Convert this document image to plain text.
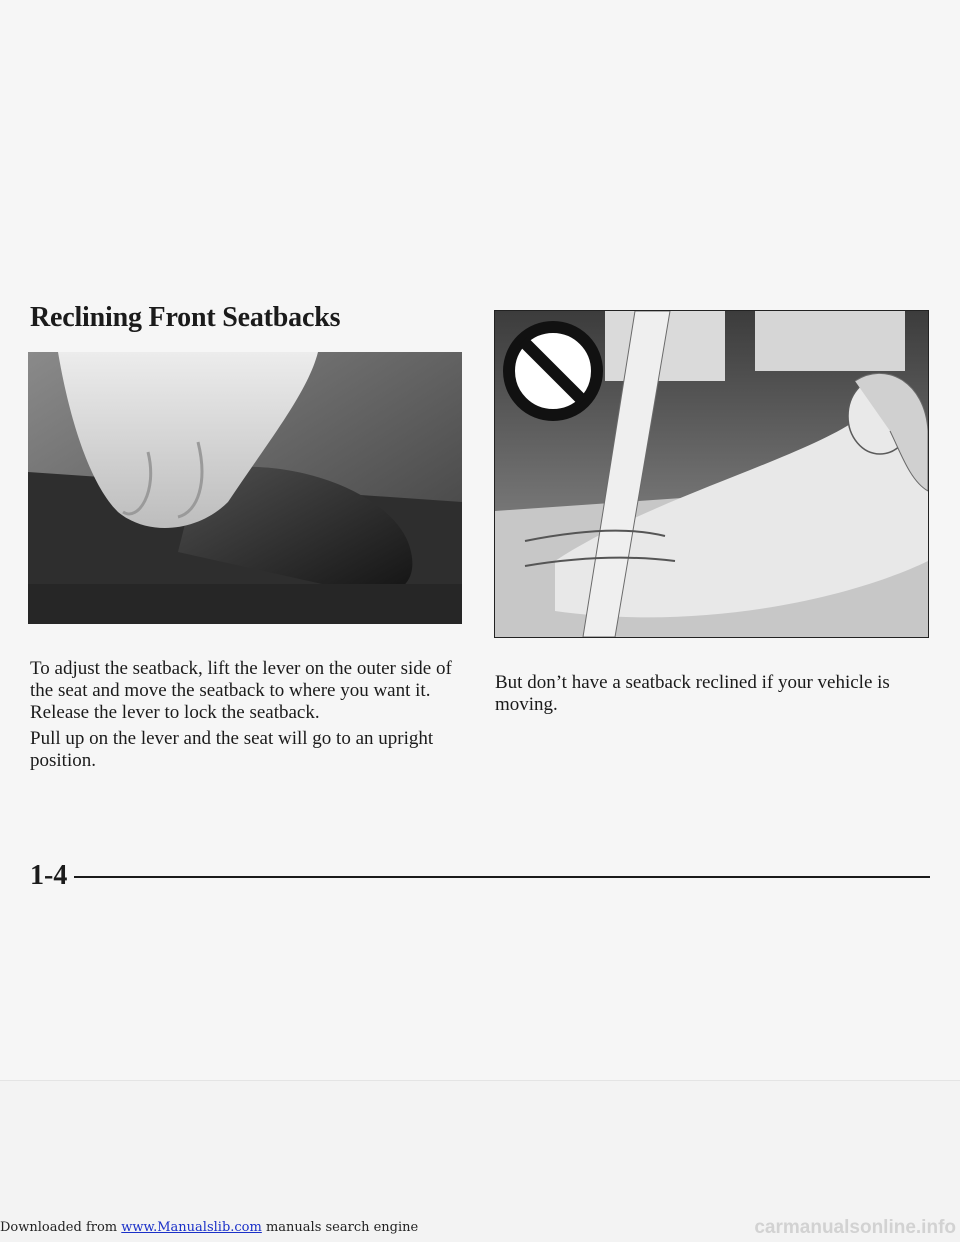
Reclining Front Seatbacks

To adjust the seatback, lift the lever on the outer side of the seat and move the seatback to where you want it. Release the lever to lock the seatback.

Pull up on the lever and the seat will go to an upright position.

But don’t have a seatback reclined if your vehicle is moving.

1-4

Downloaded from www.Manualslib.com manuals search engine	carmanualsonline.info
